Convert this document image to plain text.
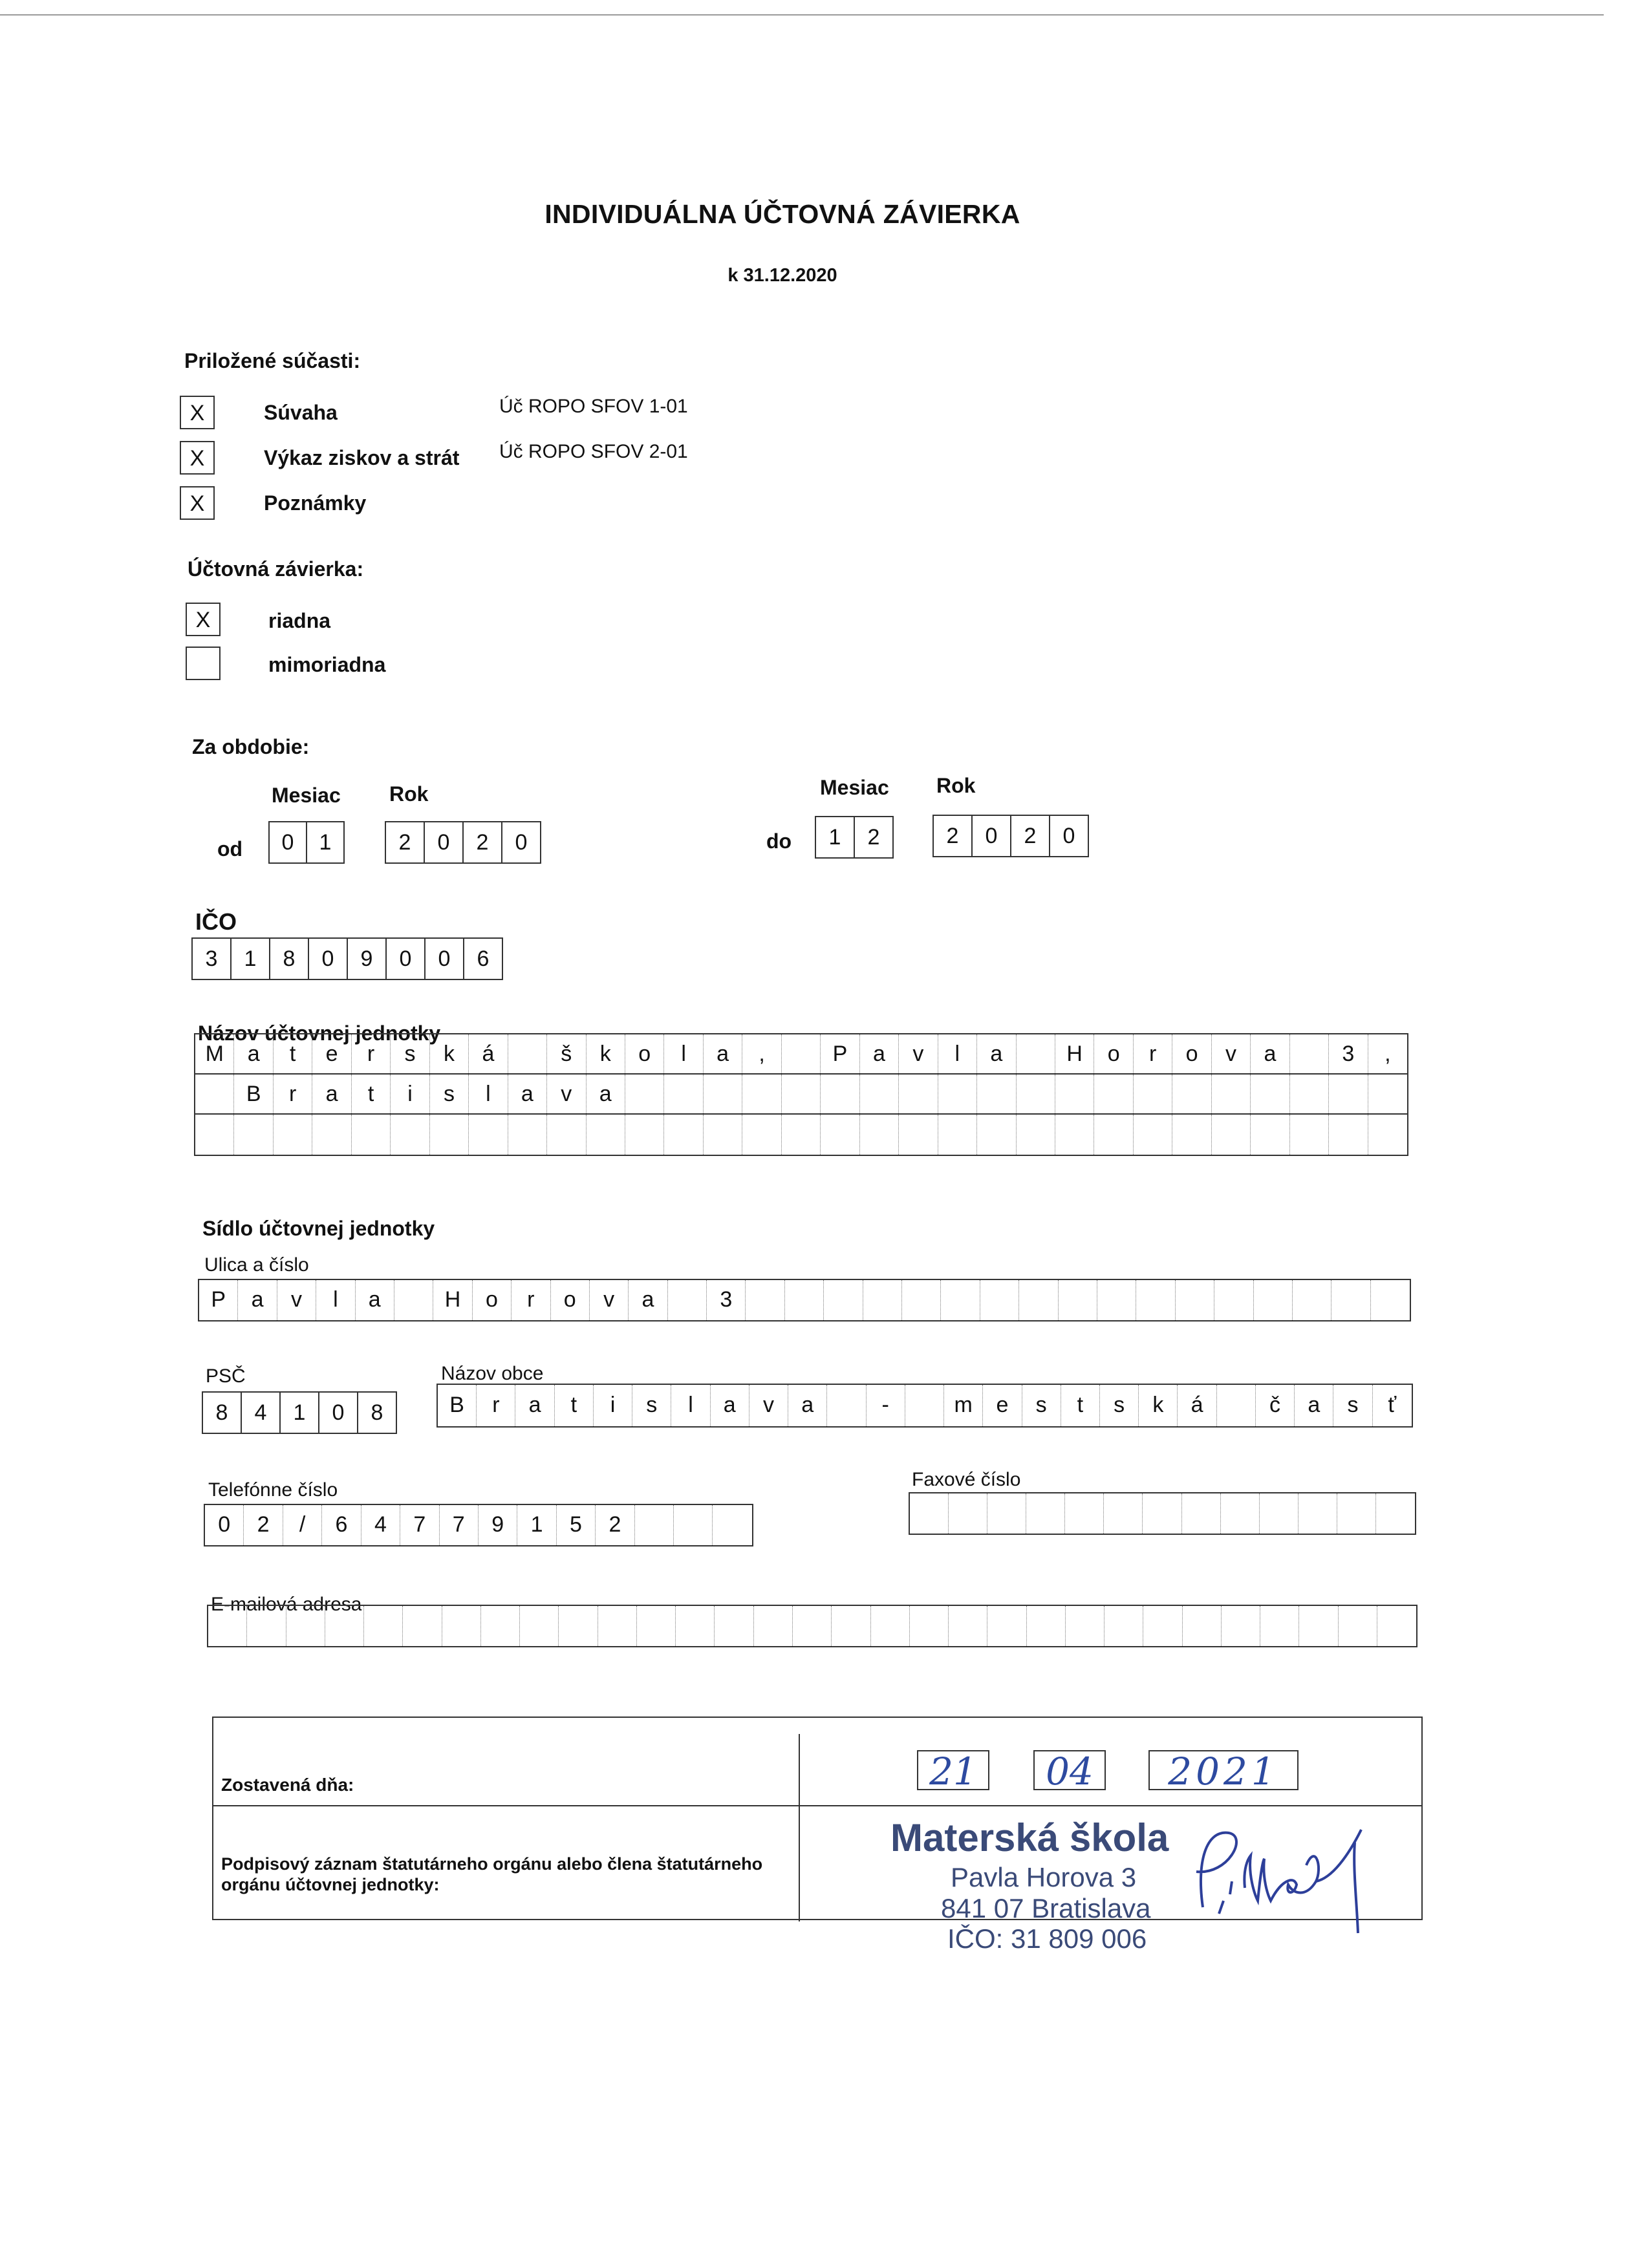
INDIVIDUÁLNA ÚČTOVNÁ ZÁVIERKA
k 31.12.2020
Priložené súčasti:
X	Súvaha	Úč ROPO SFOV 1-01
X	Výkaz ziskov a strát Úč ROPO SFOV 2-01
X	Poznámky
Účtovná závierka:
X	riadna
mimoriadna
Za obdobie:
Mesiac Rok	Mesiac Rok
od	0	1	2	0	2	0	do	1	2	2	0	2	0
IČO
3	1	8	0	9	0	0	6
Názov účtovnej jednotky
M	a	t	e	r	s	k	á	š	k	o	l	a	,	P	a	v	l	a	H	o	r	o	v	a	3	,
B	r	a	t	i	s	l	a	v	a
Sídlo účtovnej jednotky
Ulica a číslo
P	a	v	l	a	H	o	r	o	v	a	3
PSČ
8	4	1	0	8
Názov obce
B	r	a	t	i	s	l	a	v	a	-	m	e	s	t	s	k	á	č	a	s	ť
Telefónne číslo
0	2	/	6	4	7	7	9	1	5	2
Faxové číslo
E-mailová adresa
Zostavená dňa:
Podpisový záznam štatutárneho orgánu alebo člena štatutárneho orgánu účtovnej jednotky:
21	04	2021
Materská škola
Pavla Horova 3
841 07 Bratislava
IČO: 31 809 006
